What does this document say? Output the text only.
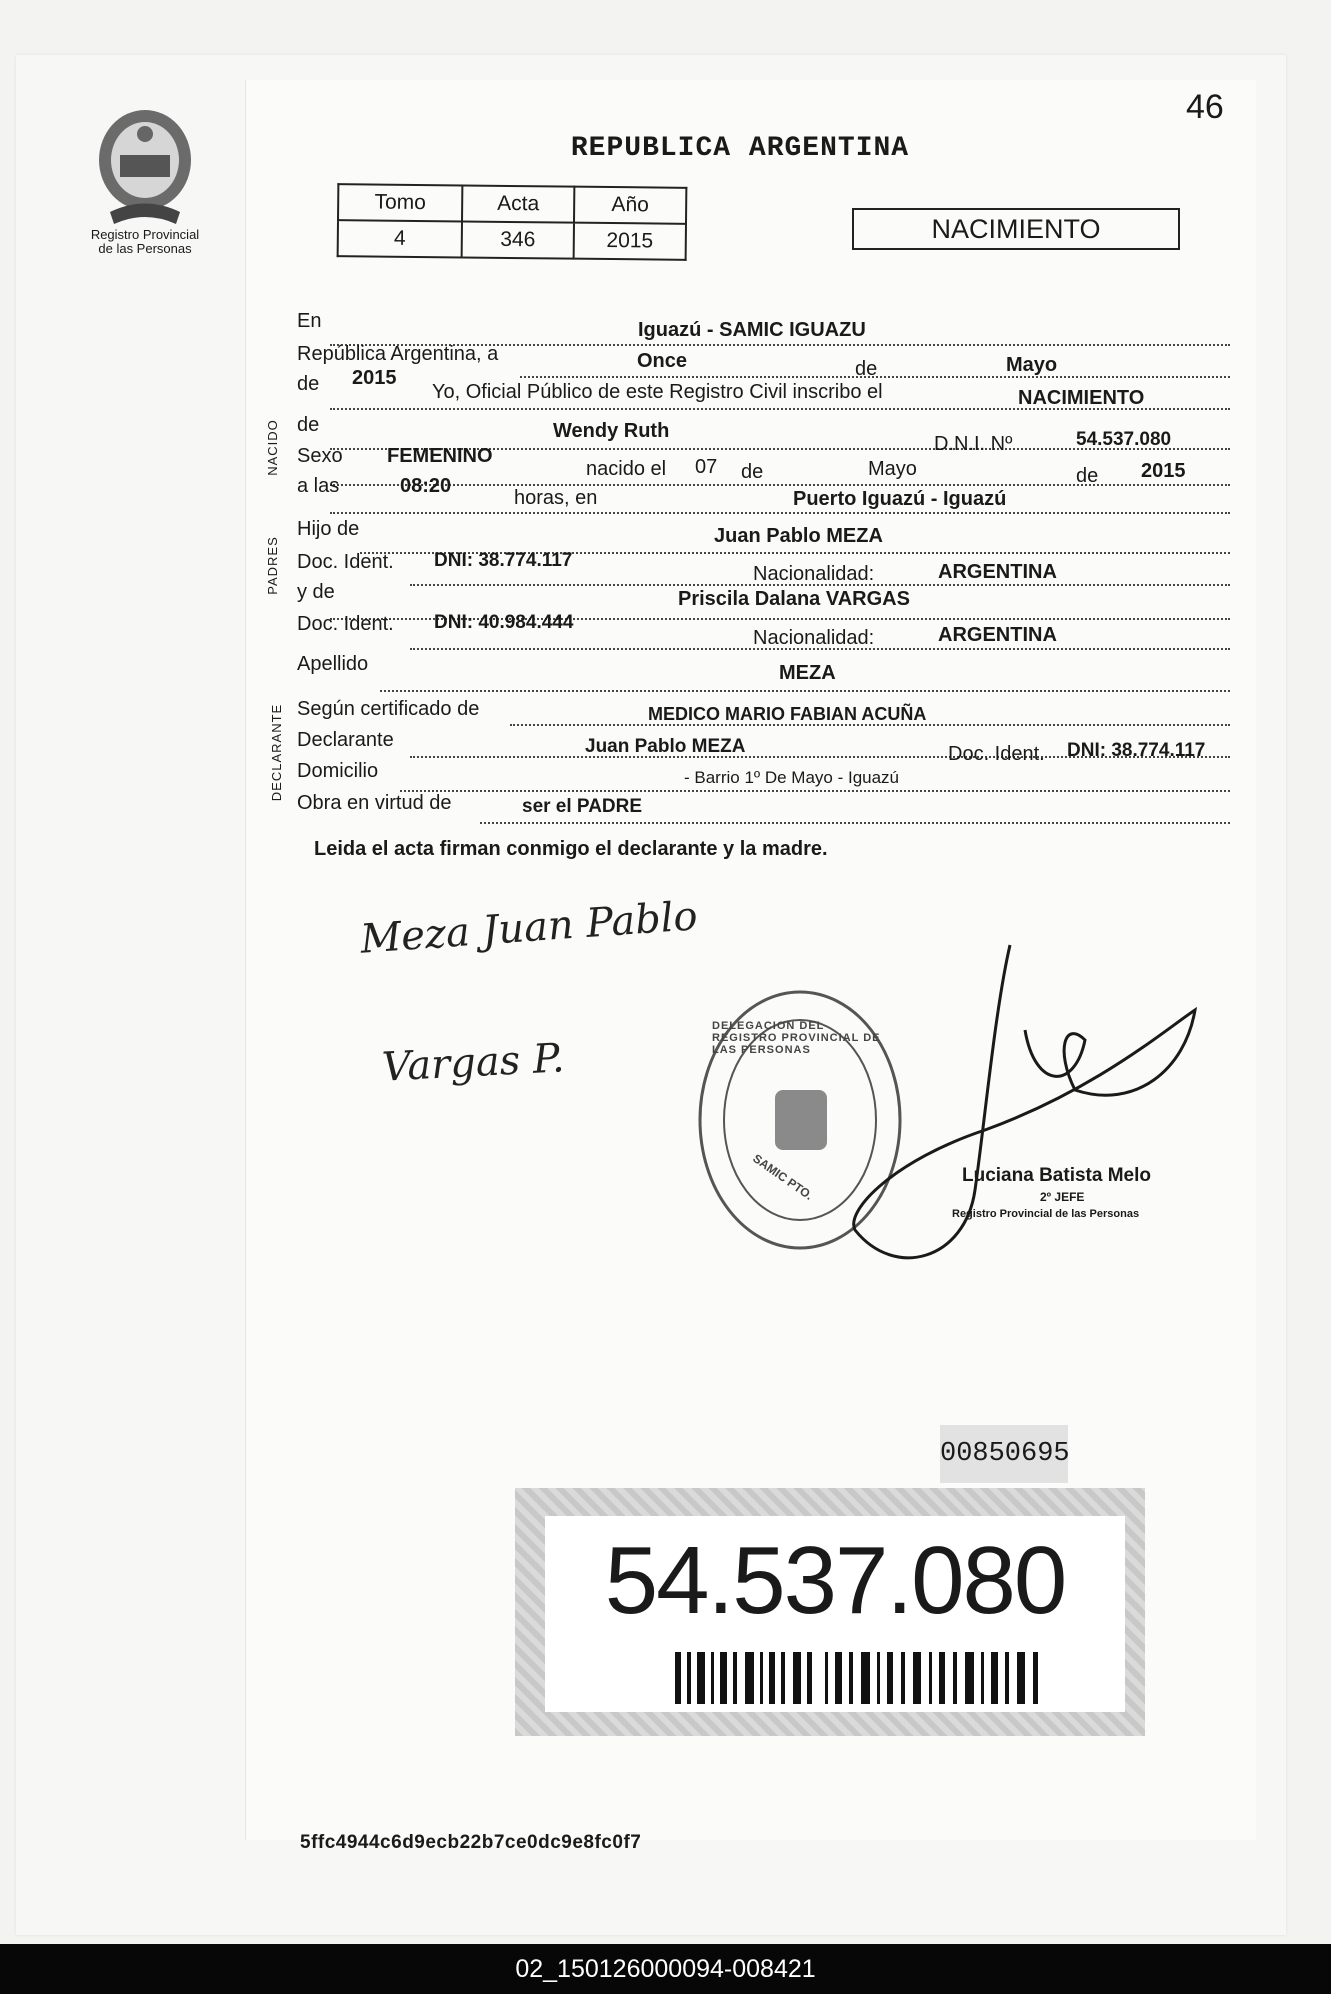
Registro Provincial
de las Personas
46
REPUBLICA ARGENTINA
Tomo	Acta	Año
4	346	2015	NACIMIENTO
NACIDO
PADRES
DECLARANTE
En	Iguazú - SAMIC IGUAZU
República Argentina, a	Once	de	Mayo
de 2015
Yo, Oficial Público de este Registro Civil inscribo el	NACIMIENTO
de	Wendy Ruth
D.N.I. Nº	54.537.080
Sexo FEMENINO
nacido el 07 de	Mayo	de 2015
a las	08:20
horas, en	Puerto Iguazú - Iguazú
Hijo de	Juan Pablo MEZA
Doc. Ident. DNI: 38.774.117
Nacionalidad:	ARGENTINA
y de	Priscila Dalana VARGAS
Doc. Ident. DNI: 40.984.444
Nacionalidad:	ARGENTINA
Apellido	MEZA
Según certificado de	MEDICO MARIO FABIAN ACUÑA
Declarante	Juan Pablo MEZA	Doc. Ident. DNI: 38.774.117
Domicilio	- Barrio 1º De Mayo - Iguazú
Obra en virtud de	ser el PADRE
Leida el acta firman conmigo el declarante y la madre.
Meza Juan Pablo
Vargas P.
DELEGACION DEL REGISTRO PROVINCIAL DE LAS PERSONAS
SAMIC PTO.	Luciana Batista Melo
2º JEFE
Registro Provincial de las Personas
00850695
54.537.080
5ffc4944c6d9ecb22b7ce0dc9e8fc0f7
02_150126000094-008421
